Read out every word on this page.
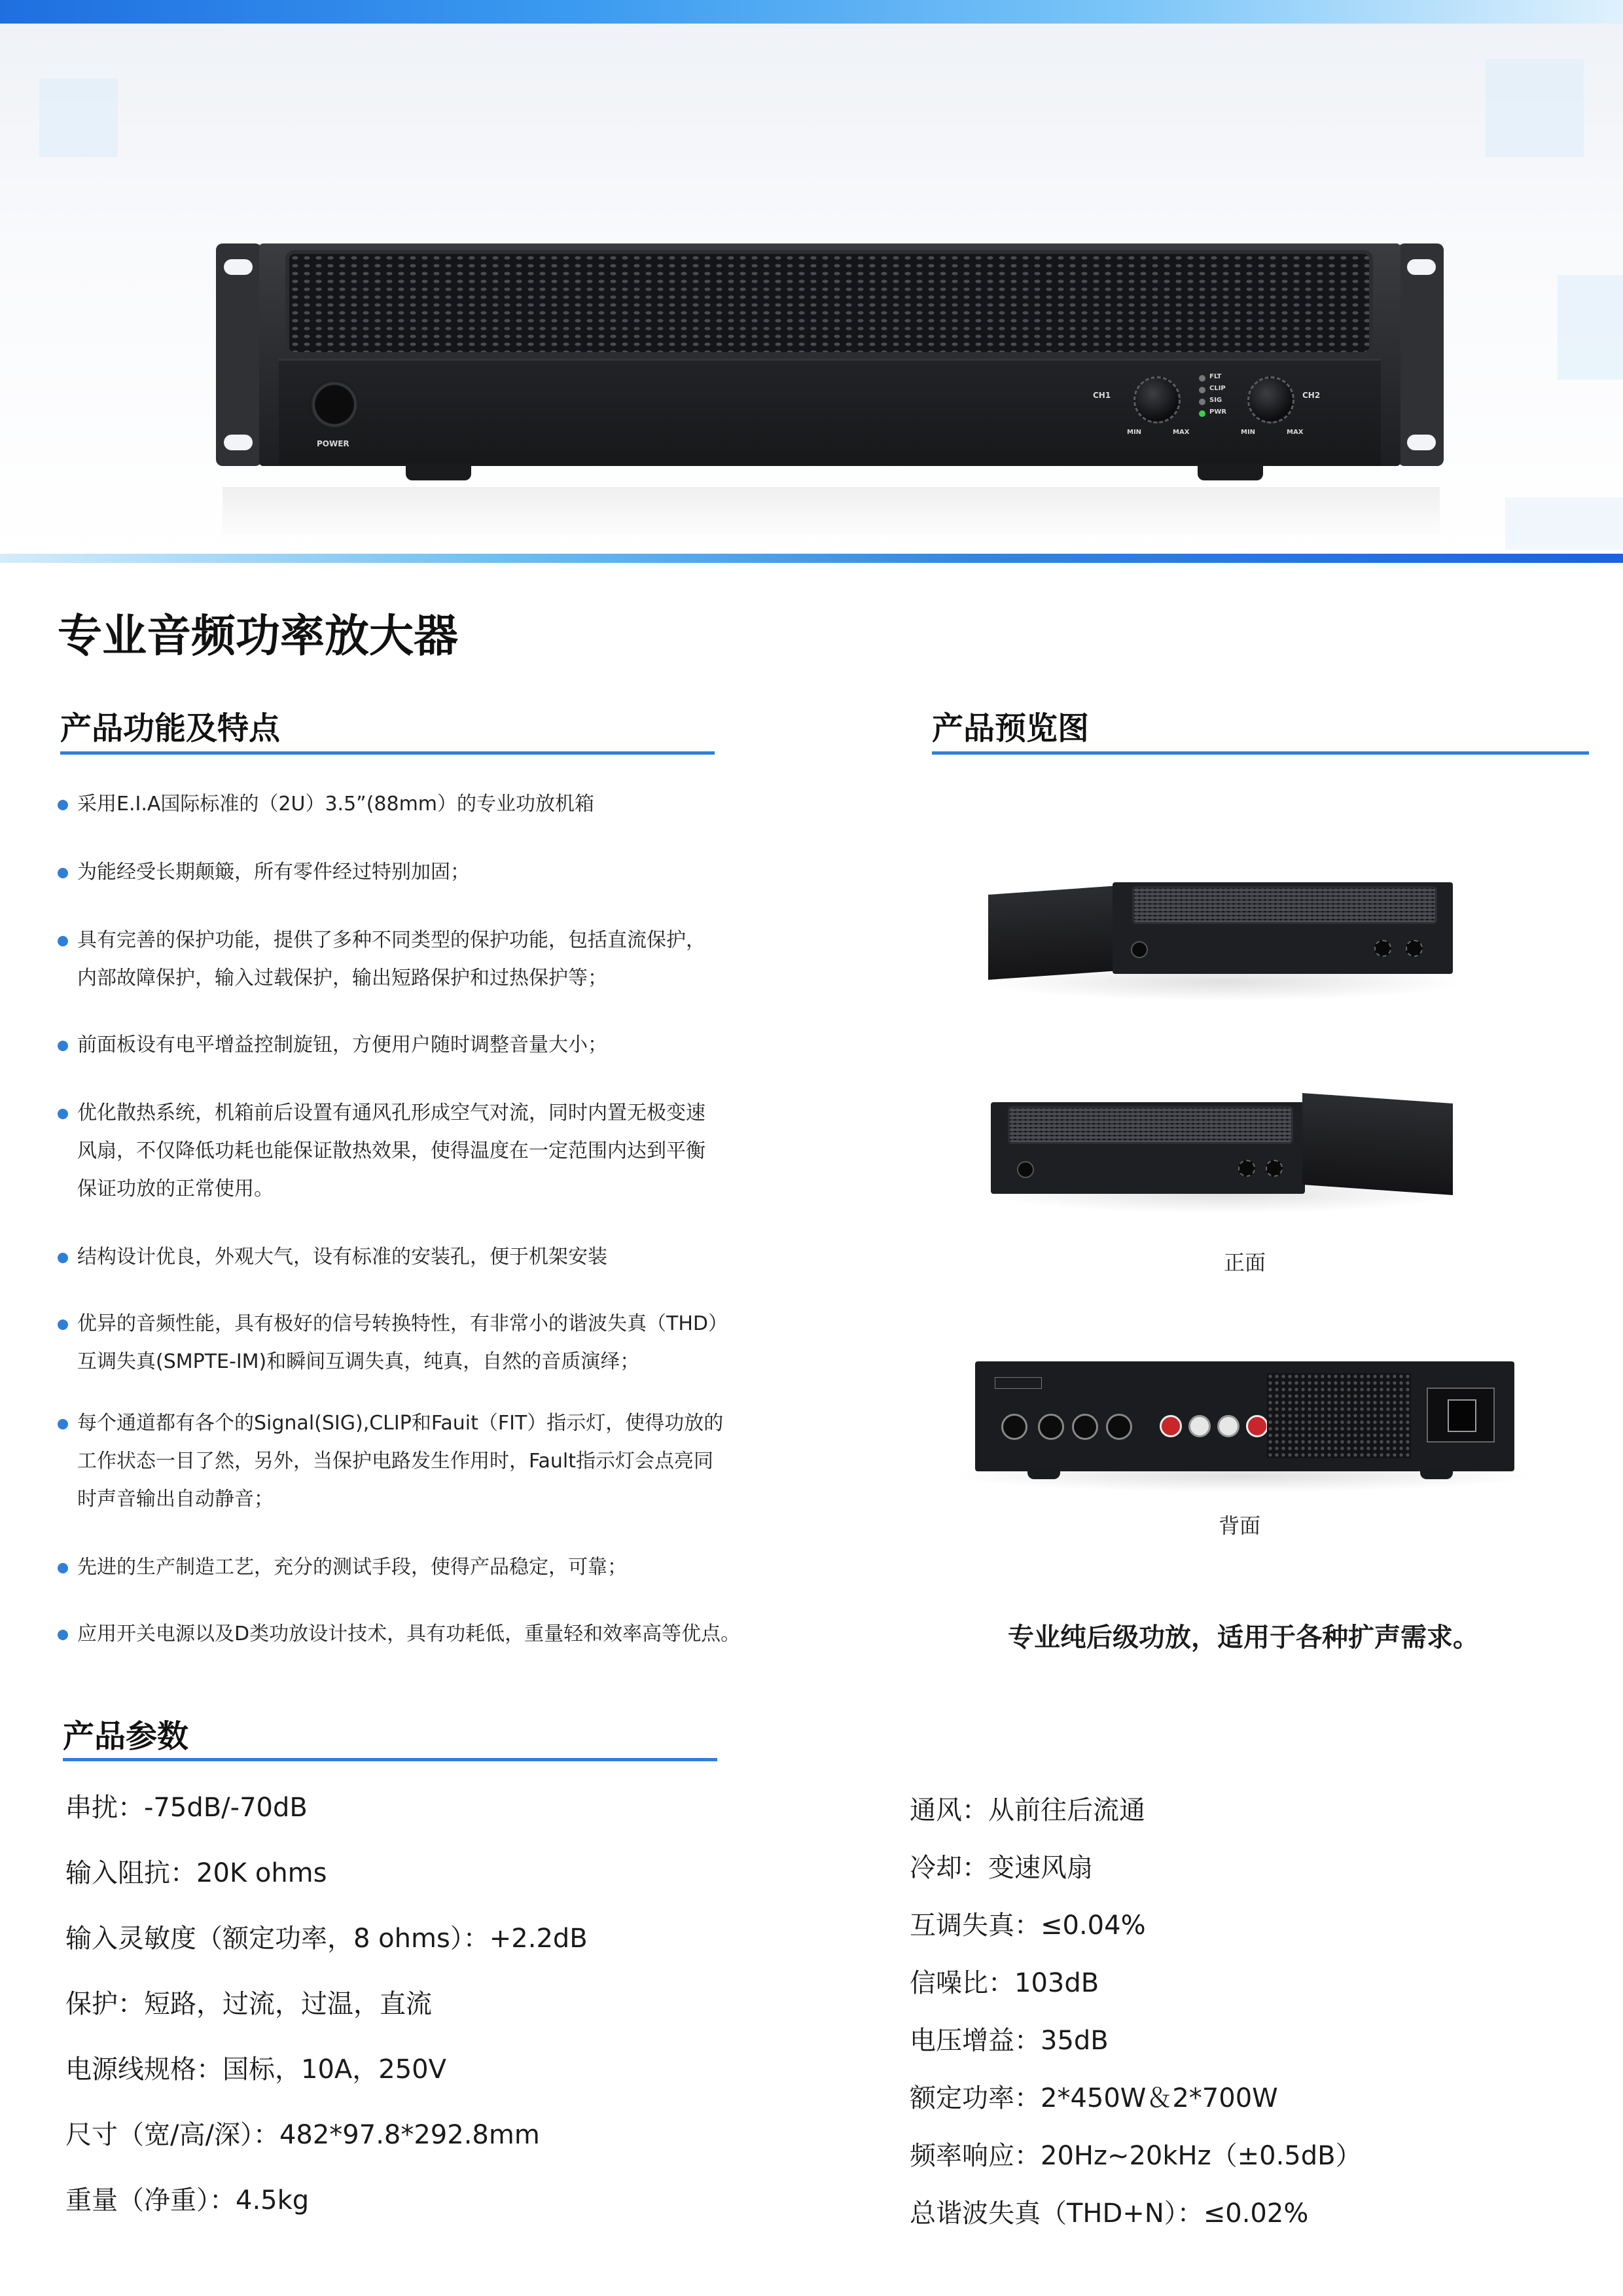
POWER
CH1
MIN	MAX
FLT
CLIP
SIG
PWR
MIN	MAX
CH2
专业音频功率放大器
产品功能及特点
采用E.I.A国际标准的（2U）3.5”(88mm）的专业功放机箱
为能经受长期颠簸，所有零件经过特别加固；
具有完善的保护功能，提供了多种不同类型的保护功能，包括直流保护，
内部故障保护，输入过载保护，输出短路保护和过热保护等；
前面板设有电平增益控制旋钮，方便用户随时调整音量大小；
优化散热系统，机箱前后设置有通风孔形成空气对流，同时内置无极变速
风扇，不仅降低功耗也能保证散热效果，使得温度在一定范围内达到平衡
保证功放的正常使用。
结构设计优良，外观大气，设有标准的安装孔，便于机架安装
优异的音频性能，具有极好的信号转换特性，有非常小的谐波失真（THD）
互调失真(SMPTE-IM)和瞬间互调失真，纯真，自然的音质演绎；
每个通道都有各个的Signal(SIG),CLIP和Fauit（FIT）指示灯，使得功放的
工作状态一目了然，另外，当保护电路发生作用时，Fault指示灯会点亮同
时声音输出自动静音；
先进的生产制造工艺，充分的测试手段，使得产品稳定，可靠；
应用开关电源以及D类功放设计技术，具有功耗低，重量轻和效率高等优点。
产品预览图
正面
背面
专业纯后级功放，适用于各种扩声需求。
产品参数
串扰：-75dB/-70dB
输入阻抗：20K ohms
输入灵敏度（额定功率，8 ohms）：+2.2dB
保护：短路，过流，过温，直流
电源线规格：国标，10A，250V
尺寸（宽/高/深）：482*97.8*292.8mm
重量（净重）：4.5kg
通风：从前往后流通
冷却：变速风扇
互调失真：≤0.04%
信噪比：103dB
电压增益：35dB
额定功率：2*450W＆2*700W
频率响应：20Hz~20kHz（±0.5dB）
总谐波失真（THD+N）：≤0.02%
